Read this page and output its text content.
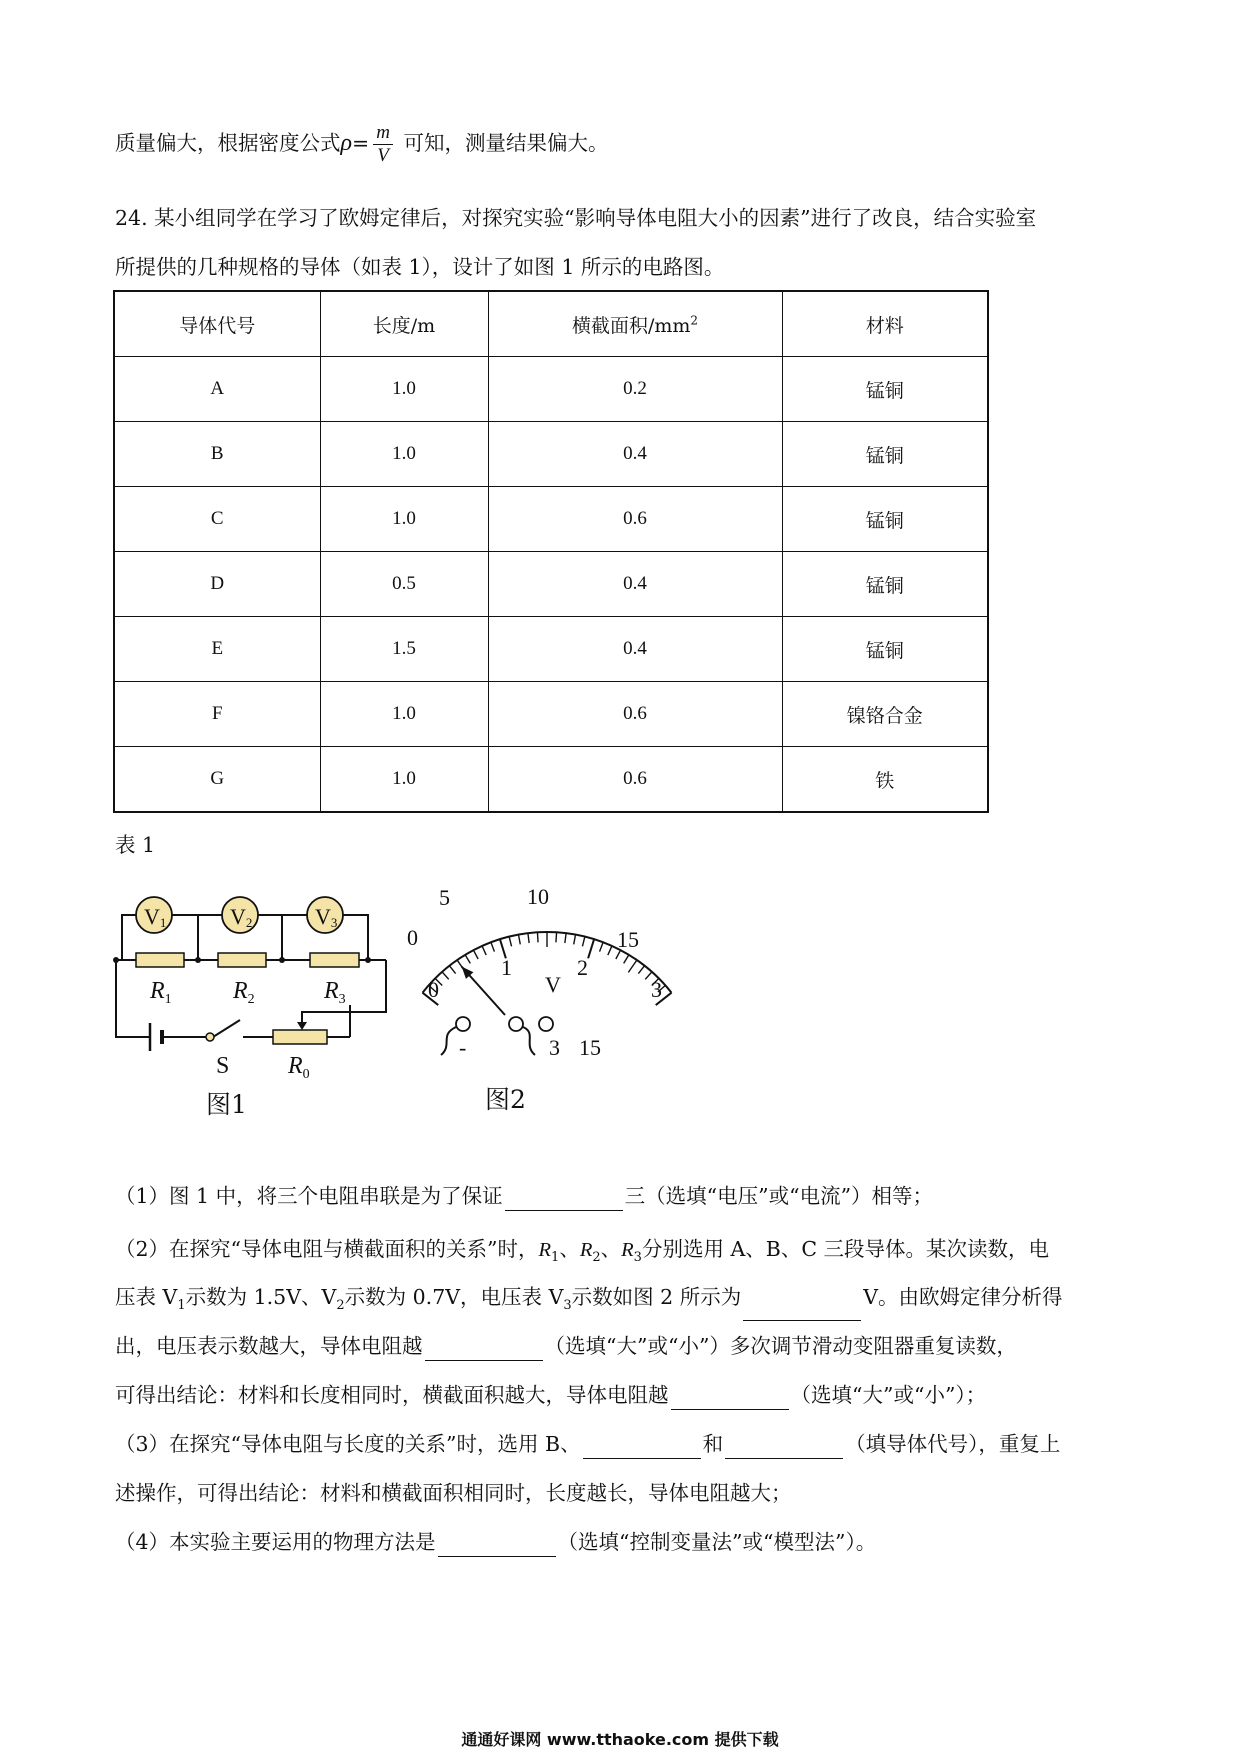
质量偏大，根据密度公式$\rho= \frac{m}{V}$ 可知，测量结果偏大。
24. 某小组同学在学习了欧姆定律后，对探究实验“影响导体电阻大小的因素”进行了改良，结合实验室
所提供的几种规格的导体（如表 1），设计了如图 1 所示的电路图。
导体代号	长度/m	横截面积$/mm^2$	材料
A	1.0	0.2	锰铜
B	1.0	0.4	锰铜
C	1.0	0.6	锰铜
D	0.5	0.4	锰铜
E	1.5	0.4	锰铜
F	1.0	0.6	镍铬合金
G	1.0	0.6	铁
表 1
V1	V2	V3
$R_1$	$R_2$	$R_3$
$R_0$
S
图1
0
5	10
15
0
1	2
3
V
-	3 15
图2
（1）图 1 中，将三个电阻串联是为了保证	三（选填“电压”或“电流”）相等；
（2）在探究“导体电阻与横截面积的关系”时，$R_1$、$R_2$、$R_3$分别选用 A、B、C 三段导体。某次读数，电
压表 $V_1$示数为 1.5V、$V_2$示数为 0.7V，电压表 $V_3$示数如图 2 所示为	V。由欧姆定律分析得
出，电压表示数越大，导体电阻越	（选填“大”或“小”）多次调节滑动变阻器重复读数，
可得出结论：材料和长度相同时，横截面积越大，导体电阻越	（选填“大”或“小”）；
（3）在探究“导体电阻与长度的关系”时，选用 B、	和	（填导体代号），重复上
述操作，可得出结论：材料和横截面积相同时，长度越长，导体电阻越大；
（4）本实验主要运用的物理方法是	（选填“控制变量法”或“模型法”）。
通通好课网 www.tthaoke.com 提供下载
